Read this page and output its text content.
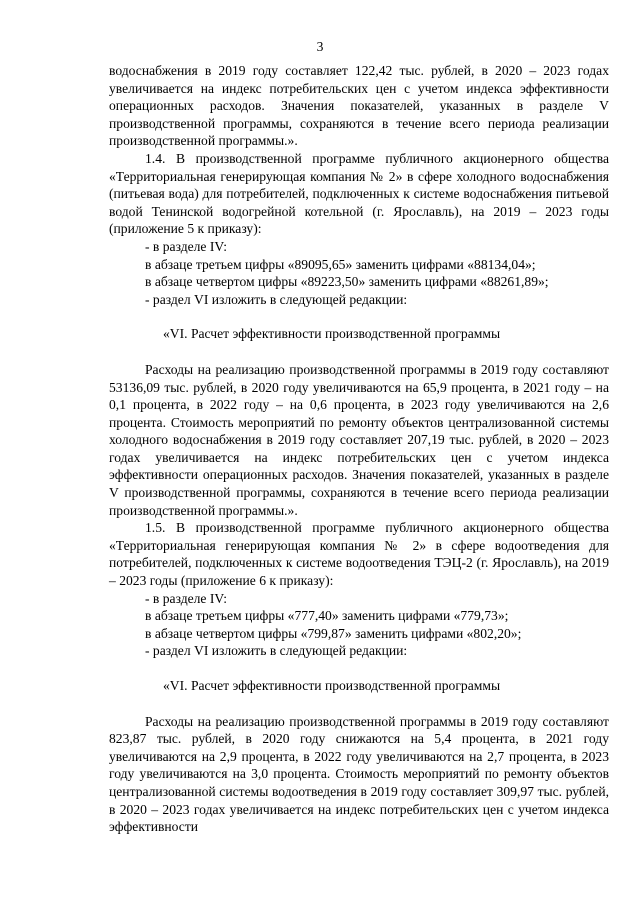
3

водоснабжения в 2019 году составляет 122,42 тыс. рублей, в 2020 – 2023 годах увеличивается на индекс потребительских цен с учетом индекса эффективности операционных расходов. Значения показателей, указанных в разделе V производственной программы, сохраняются в течение всего периода реализации производственной программы.».

1.4. В производственной программе публичного акционерного общества «Территориальная генерирующая компания № 2» в сфере холодного водоснабжения (питьевая вода) для потребителей, подключенных к системе водоснабжения питьевой водой Тенинской водогрейной котельной (г. Ярославль), на 2019 – 2023 годы (приложение 5 к приказу):

- в разделе IV:

в абзаце третьем цифры «89095,65» заменить цифрами «88134,04»;

в абзаце четвертом цифры «89223,50» заменить цифрами «88261,89»;

- раздел VI изложить в следующей редакции:

«VI. Расчет эффективности производственной программы

Расходы на реализацию производственной программы в 2019 году составляют 53136,09 тыс. рублей, в 2020 году увеличиваются на 65,9 процента, в 2021 году – на 0,1 процента, в 2022 году – на 0,6 процента, в 2023 году увеличиваются на 2,6 процента. Стоимость мероприятий по ремонту объектов централизованной системы холодного водоснабжения в 2019 году составляет 207,19 тыс. рублей, в 2020 – 2023 годах увеличивается на индекс потребительских цен с учетом индекса эффективности операционных расходов. Значения показателей, указанных в разделе V производственной программы, сохраняются в течение всего периода реализации производственной программы.».

1.5. В производственной программе публичного акционерного общества «Территориальная генерирующая компания № 2» в сфере водоотведения для потребителей, подключенных к системе водоотведения ТЭЦ-2 (г. Ярославль), на 2019 – 2023 годы (приложение 6 к приказу):

- в разделе IV:

в абзаце третьем цифры «777,40» заменить цифрами «779,73»;

в абзаце четвертом цифры «799,87» заменить цифрами «802,20»;

- раздел VI изложить в следующей редакции:

«VI. Расчет эффективности производственной программы

Расходы на реализацию производственной программы в 2019 году составляют 823,87 тыс. рублей, в 2020 году снижаются на 5,4 процента, в 2021 году увеличиваются на 2,9 процента, в 2022 году увеличиваются на 2,7 процента, в 2023 году увеличиваются на 3,0 процента. Стоимость мероприятий по ремонту объектов централизованной системы водоотведения в 2019 году составляет 309,97 тыс. рублей, в 2020 – 2023 годах увеличивается на индекс потребительских цен с учетом индекса эффективности
